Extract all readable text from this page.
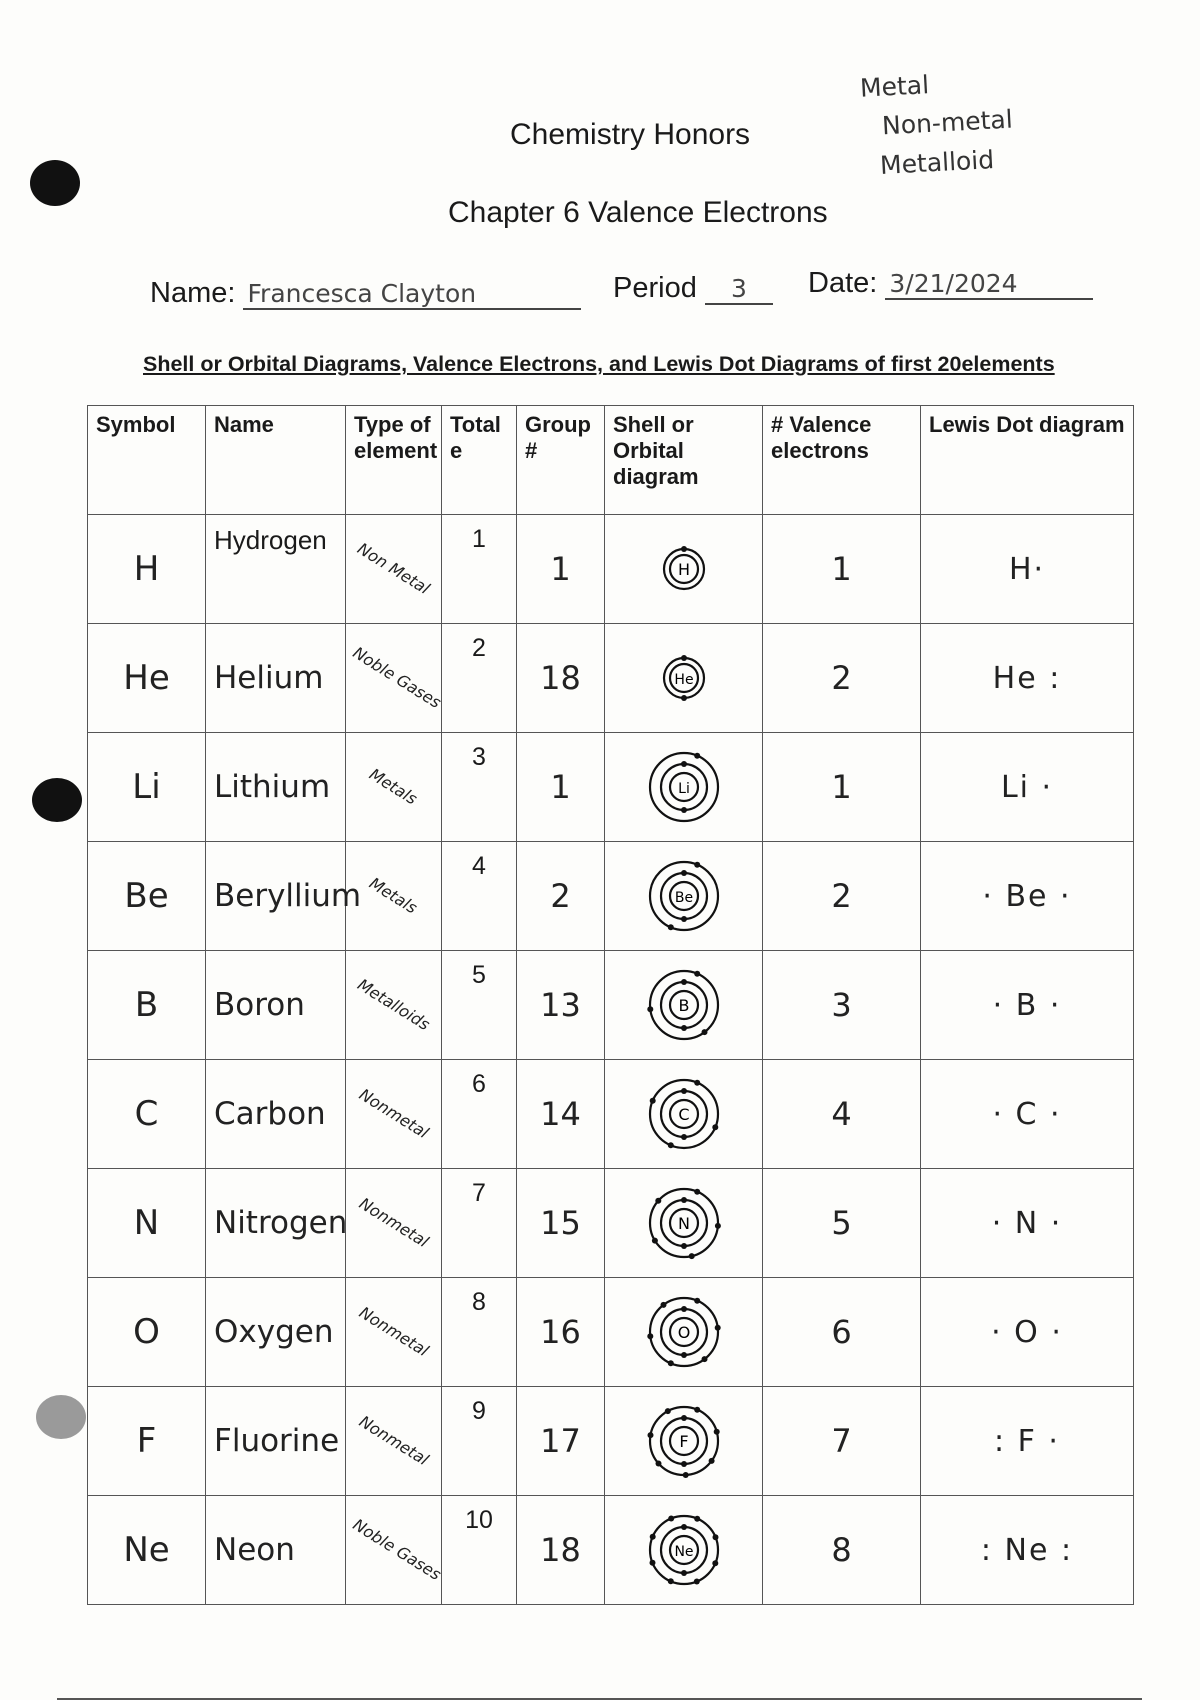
Metal
Non-metal
Metalloid
Chemistry Honors
Chapter 6 Valence Electrons
Name: Francesca Clayton	Period 3	Date: 3/21/2024
Shell or Orbital Diagrams, Valence Electrons, and Lewis Dot Diagrams of first 20elements
Symbol	Name	Type of element	Total e	Group #	Shell or Orbital diagram	# Valence electrons	Lewis Dot diagram
H	Hydrogen	Non Metal	1	1	H	1	H·
He	Helium	Noble Gases	2	18	He	2	He :
Li	Lithium	Metals	3	1	Li	1	Li ·
Be	Beryllium	Metals	4	2	Be	2	· Be ·
B	Boron	Metalloids	5	13	B	3	· B ·
C	Carbon	Nonmetal	6	14	C	4	· C ·
N	Nitrogen	Nonmetal	7	15	N	5	· N ·
O	Oxygen	Nonmetal	8	16	O	6	· O ·
F	Fluorine	Nonmetal	9	17	F	7	: F ·
Ne	Neon	Noble Gases	10	18	Ne	8	: Ne :
